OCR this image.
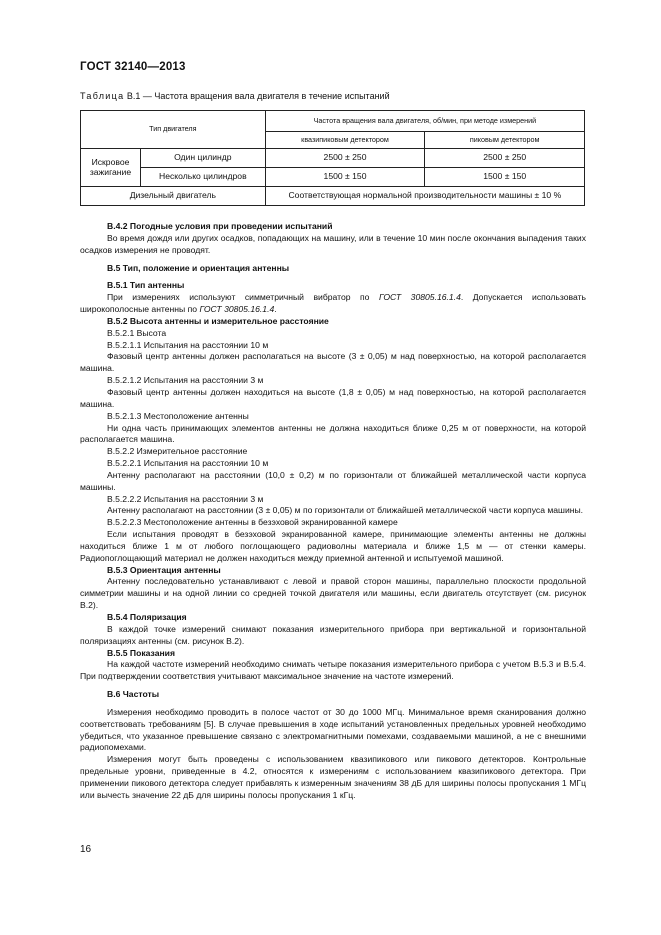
ГОСТ 32140—2013
Таблица В.1 — Частота вращения вала двигателя в течение испытаний
Тип двигателя		Частота вращения вала двигателя, об/мин, при методе измерений	
		квазипиковым детектором	пиковым детектором
Искровое зажигание	Один цилиндр	2500 ± 250	2500 ± 250
	Несколько цилиндров	1500 ± 150	1500 ± 150
Дизельный двигатель		Соответствующая нормальной производительности машины ± 10 %	

В.4.2 Погодные условия при проведении испытаний

Во время дождя или других осадков, попадающих на машину, или в течение 10 мин после окончания выпадения таких осадков измерения не проводят.

В.5 Тип, положение и ориентация антенны

В.5.1 Тип антенны

При измерениях используют симметричный вибратор по ГОСТ 30805.16.1.4. Допускается использовать широкополосные антенны по ГОСТ 30805.16.1.4.

В.5.2 Высота антенны и измерительное расстояние

В.5.2.1 Высота

В.5.2.1.1 Испытания на расстоянии 10 м

Фазовый центр антенны должен располагаться на высоте (3 ± 0,05) м над поверхностью, на которой располагается машина.

В.5.2.1.2 Испытания на расстоянии 3 м

Фазовый центр антенны должен находиться на высоте (1,8 ± 0,05) м над поверхностью, на которой располагается машина.

В.5.2.1.3 Местоположение антенны

Ни одна часть принимающих элементов антенны не должна находиться ближе 0,25 м от поверхности, на которой располагается машина.

В.5.2.2 Измерительное расстояние

В.5.2.2.1 Испытания на расстоянии 10 м

Антенну располагают на расстоянии (10,0 ± 0,2) м по горизонтали от ближайшей металлической части корпуса машины.

В.5.2.2.2 Испытания на расстоянии 3 м

Антенну располагают на расстоянии (3 ± 0,05) м по горизонтали от ближайшей металлической части корпуса машины.

В.5.2.2.3 Местоположение антенны в безэховой экранированной камере

Если испытания проводят в безэховой экранированной камере, принимающие элементы антенны не должны находиться ближе 1 м от любого поглощающего радиоволны материала и ближе 1,5 м — от стенки камеры. Радиопоглощающий материал не должен находиться между приемной антенной и испытуемой машиной.

В.5.3 Ориентация антенны

Антенну последовательно устанавливают с левой и правой сторон машины, параллельно плоскости продольной симметрии машины и на одной линии со средней точкой двигателя или машины, если двигатель отсутствует (см. рисунок В.2).

В.5.4 Поляризация

В каждой точке измерений снимают показания измерительного прибора при вертикальной и горизонтальной поляризациях антенны (см. рисунок В.2).

В.5.5 Показания

На каждой частоте измерений необходимо снимать четыре показания измерительного прибора с учетом В.5.3 и В.5.4. При подтверждении соответствия учитывают максимальное значение на частоте измерений.

В.6 Частоты

Измерения необходимо проводить в полосе частот от 30 до 1000 МГц. Минимальное время сканирования должно соответствовать требованиям [5]. В случае превышения в ходе испытаний установленных предельных уровней необходимо убедиться, что указанное превышение связано с электромагнитными помехами, создаваемыми машиной, а не с внешними радиопомехами.

Измерения могут быть проведены с использованием квазипикового или пикового детекторов. Контрольные предельные уровни, приведенные в 4.2, относятся к измерениям с использованием квазипикового детектора. При применении пикового детектора следует прибавлять к измеренным значениям 38 дБ для ширины полосы пропускания 1 МГц или вычесть значение 22 дБ для ширины полосы пропускания 1 кГц.

16
